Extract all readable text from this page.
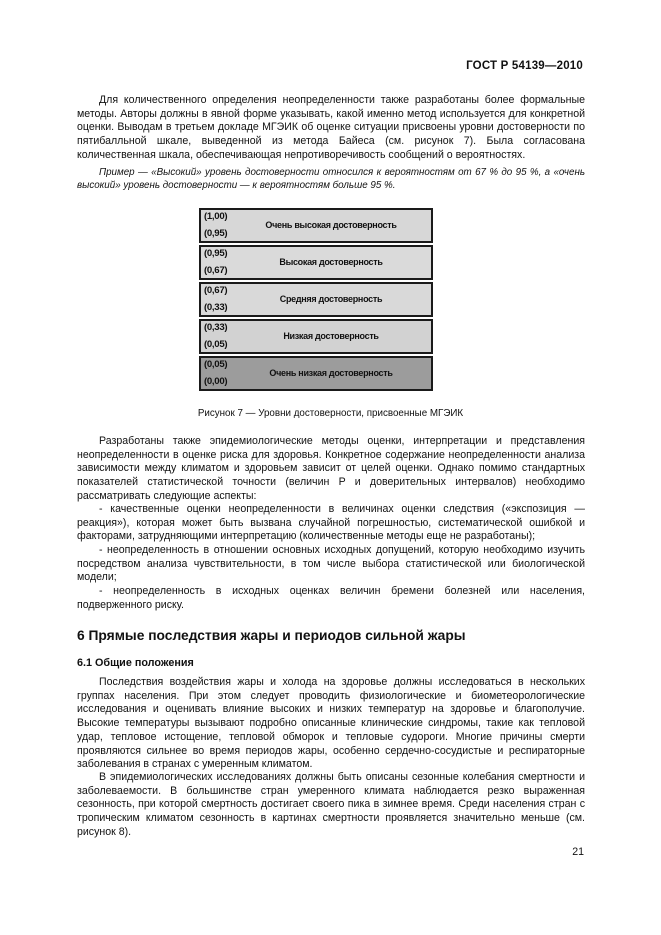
ГОСТ Р 54139—2010

Для количественного определения неопределенности также разработаны более формальные методы. Авторы должны в явной форме указывать, какой именно метод используется для конкретной оценки. Выводам в третьем докладе МГЭИК об оценке ситуации присвоены уровни достоверности по пятибалльной шкале, выведенной из метода Байеса (см. рисунок 7). Была согласована количественная шкала, обеспечивающая непротиворечивость сообщений о вероятностях.

Пример — «Высокий» уровень достоверности относился к вероятностям от 67 % до 95 %, а «очень высокий» уровень достоверности — к вероятностям больше 95 %.

(1,00)
(0,95)
Очень высокая достоверность
(0,95)
(0,67)
Высокая достоверность
(0,67)
(0,33)
Средняя достоверность
(0,33)
(0,05)
Низкая достоверность
(0,05)
(0,00)
Очень низкая достоверность
Рисунок 7 — Уровни достоверности, присвоенные МГЭИК

Разработаны также эпидемиологические методы оценки, интерпретации и представления неопределенности в оценке риска для здоровья. Конкретное содержание неопределенности анализа зависимости между климатом и здоровьем зависит от целей оценки. Однако помимо стандартных показателей статистической точности (величин P и доверительных интервалов) необходимо рассматривать следующие аспекты:

- качественные оценки неопределенности в величинах оценки следствия («экспозиция — реакция»), которая может быть вызвана случайной погрешностью, систематической ошибкой и факторами, затрудняющими интерпретацию (количественные методы еще не разработаны);

- неопределенность в отношении основных исходных допущений, которую необходимо изучить посредством анализа чувствительности, в том числе выбора статистической или биологической модели;

- неопределенность в исходных оценках величин бремени болезней или населения, подверженного риску.

6 Прямые последствия жары и периодов сильной жары
6.1 Общие положения

Последствия воздействия жары и холода на здоровье должны исследоваться в нескольких группах населения. При этом следует проводить физиологические и биометеорологические исследования и оценивать влияние высоких и низких температур на здоровье и благополучие. Высокие температуры вызывают подробно описанные клинические синдромы, такие как тепловой удар, тепловое истощение, тепловой обморок и тепловые судороги. Многие причины смерти проявляются сильнее во время периодов жары, особенно сердечно-сосудистые и респираторные заболевания в странах с умеренным климатом.

В эпидемиологических исследованиях должны быть описаны сезонные колебания смертности и заболеваемости. В большинстве стран умеренного климата наблюдается резко выраженная сезонность, при которой смертность достигает своего пика в зимнее время. Среди населения стран с тропическим климатом сезонность в картинах смертности проявляется значительно меньше (см. рисунок 8).

21
